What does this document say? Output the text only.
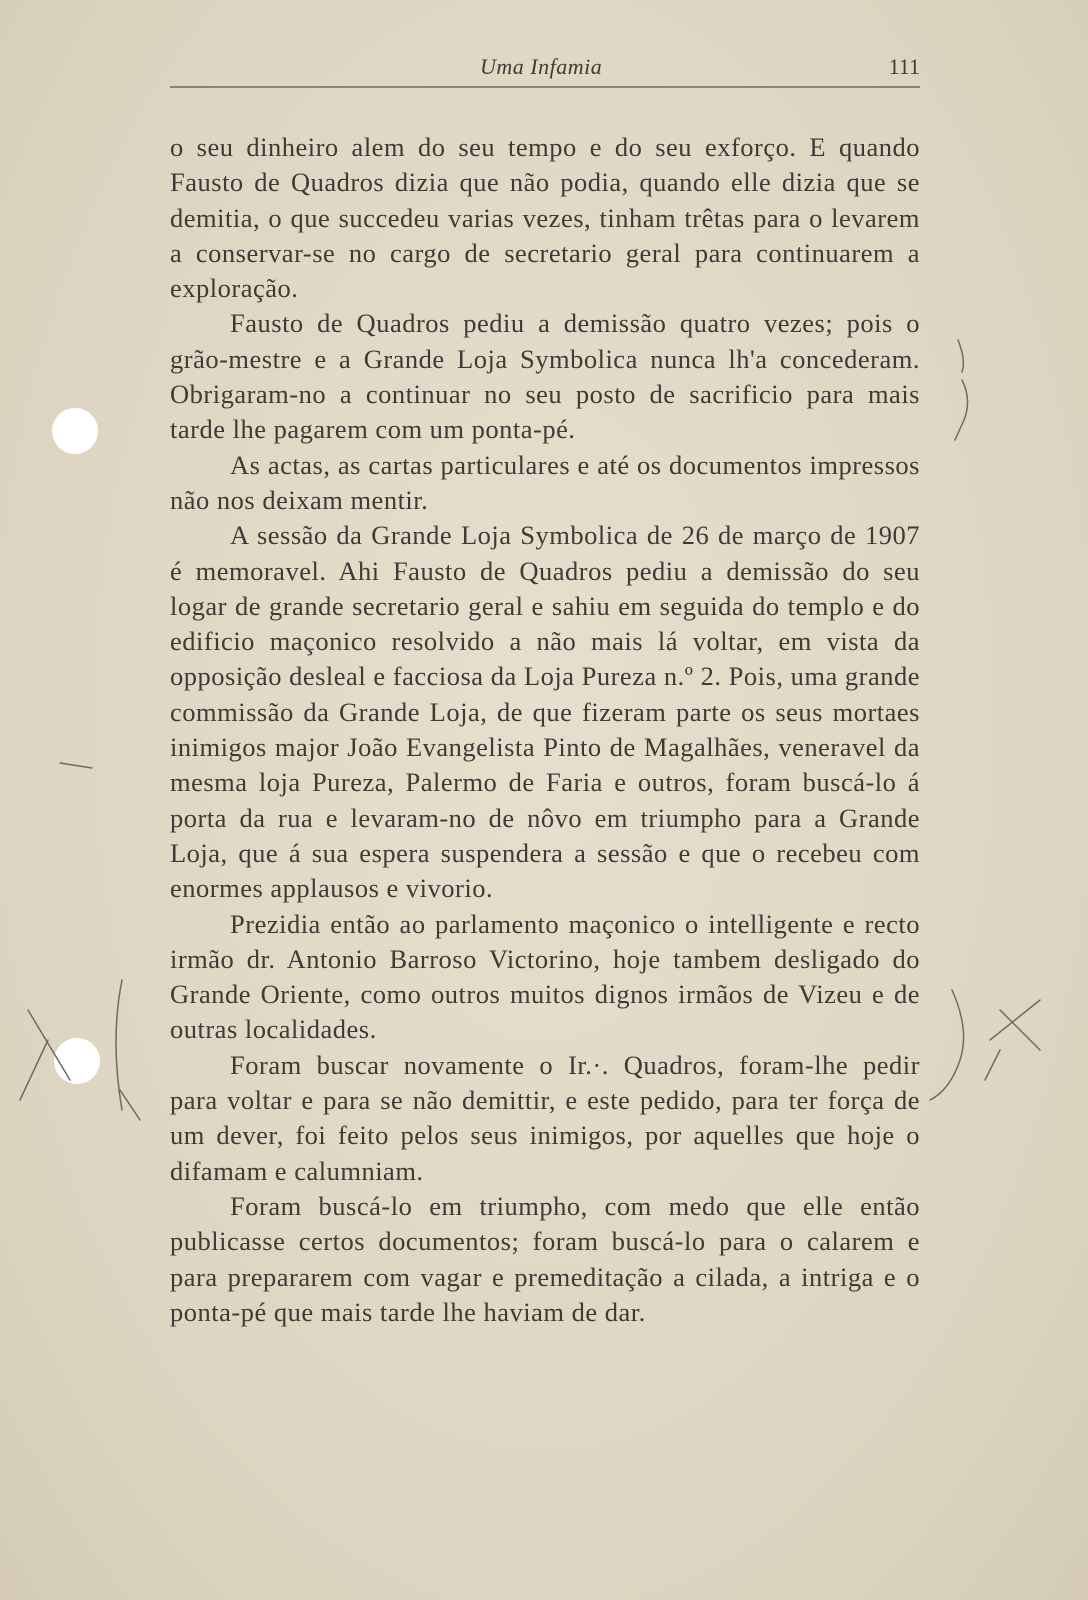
Uma Infamia	111

o seu dinheiro alem do seu tempo e do seu exforço. E quando Fausto de Quadros dizia que não podia, quando elle dizia que se demitia, o que succedeu varias vezes, tinham trêtas para o levarem a conservar-se no cargo de secretario geral para continuarem a exploração.

Fausto de Quadros pediu a demissão quatro vezes; pois o grão-mestre e a Grande Loja Symbolica nunca lh'a concederam. Obrigaram-no a continuar no seu posto de sacrificio para mais tarde lhe pagarem com um ponta-pé.

As actas, as cartas particulares e até os documentos impressos não nos deixam mentir.

A sessão da Grande Loja Symbolica de 26 de março de 1907 é memoravel. Ahi Fausto de Quadros pediu a demissão do seu logar de grande secretario geral e sahiu em seguida do templo e do edificio maçonico resolvido a não mais lá voltar, em vista da opposição desleal e facciosa da Loja Pureza n.º 2. Pois, uma grande commissão da Grande Loja, de que fizeram parte os seus mortaes inimigos major João Evangelista Pinto de Magalhães, veneravel da mesma loja Pureza, Palermo de Faria e outros, foram buscá-lo á porta da rua e levaram-no de nôvo em triumpho para a Grande Loja, que á sua espera suspendera a sessão e que o recebeu com enormes applausos e vivorio.

Prezidia então ao parlamento maçonico o intelligente e recto irmão dr. Antonio Barroso Victorino, hoje tambem desligado do Grande Oriente, como outros muitos dignos irmãos de Vizeu e de outras localidades.

Foram buscar novamente o Ir.·. Quadros, foram-lhe pedir para voltar e para se não demittir, e este pedido, para ter força de um dever, foi feito pelos seus inimigos, por aquelles que hoje o difamam e calumniam.

Foram buscá-lo em triumpho, com medo que elle então publicasse certos documentos; foram buscá-lo para o calarem e para prepararem com vagar e premeditação a cilada, a intriga e o ponta-pé que mais tarde lhe haviam de dar.
